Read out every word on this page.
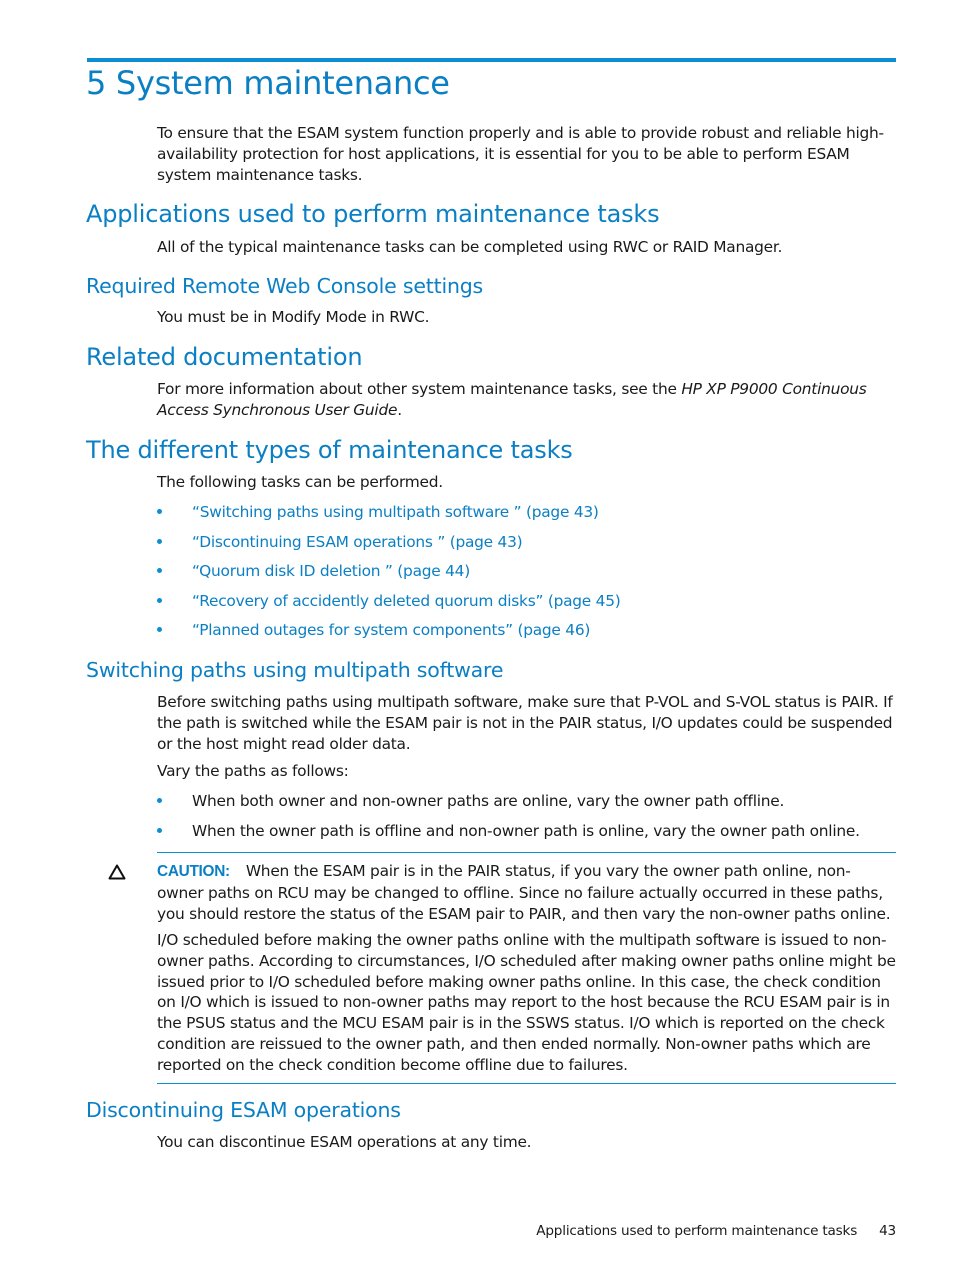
5 System maintenance

To ensure that the ESAM system function properly and is able to provide robust and reliable high-availability protection for host applications, it is essential for you to be able to perform ESAM system maintenance tasks.

Applications used to perform maintenance tasks

All of the typical maintenance tasks can be completed using RWC or RAID Manager.

Required Remote Web Console settings

You must be in Modify Mode in RWC.

Related documentation

For more information about other system maintenance tasks, see the HP XP P9000 Continuous Access Synchronous User Guide.

The different types of maintenance tasks

The following tasks can be performed.

“Switching paths using multipath software ” (page 43)
“Discontinuing ESAM operations ” (page 43)
“Quorum disk ID deletion ” (page 44)
“Recovery of accidently deleted quorum disks” (page 45)
“Planned outages for system components” (page 46)
Switching paths using multipath software

Before switching paths using multipath software, make sure that P-VOL and S-VOL status is PAIR. If the path is switched while the ESAM pair is not in the PAIR status, I/O updates could be suspended or the host might read older data.

Vary the paths as follows:

When both owner and non-owner paths are online, vary the owner path offline.
When the owner path is offline and non-owner path is online, vary the owner path online.

CAUTION: When the ESAM pair is in the PAIR status, if you vary the owner path online, non-owner paths on RCU may be changed to offline. Since no failure actually occurred in these paths, you should restore the status of the ESAM pair to PAIR, and then vary the non-owner paths online.

I/O scheduled before making the owner paths online with the multipath software is issued to non-owner paths. According to circumstances, I/O scheduled after making owner paths online might be issued prior to I/O scheduled before making owner paths online. In this case, the check condition on I/O which is issued to non-owner paths may report to the host because the RCU ESAM pair is in the PSUS status and the MCU ESAM pair is in the SSWS status. I/O which is reported on the check condition are reissued to the owner path, and then ended normally. Non-owner paths which are reported on the check condition become offline due to failures.

Discontinuing ESAM operations

You can discontinue ESAM operations at any time.

Applications used to perform maintenance tasks 43
